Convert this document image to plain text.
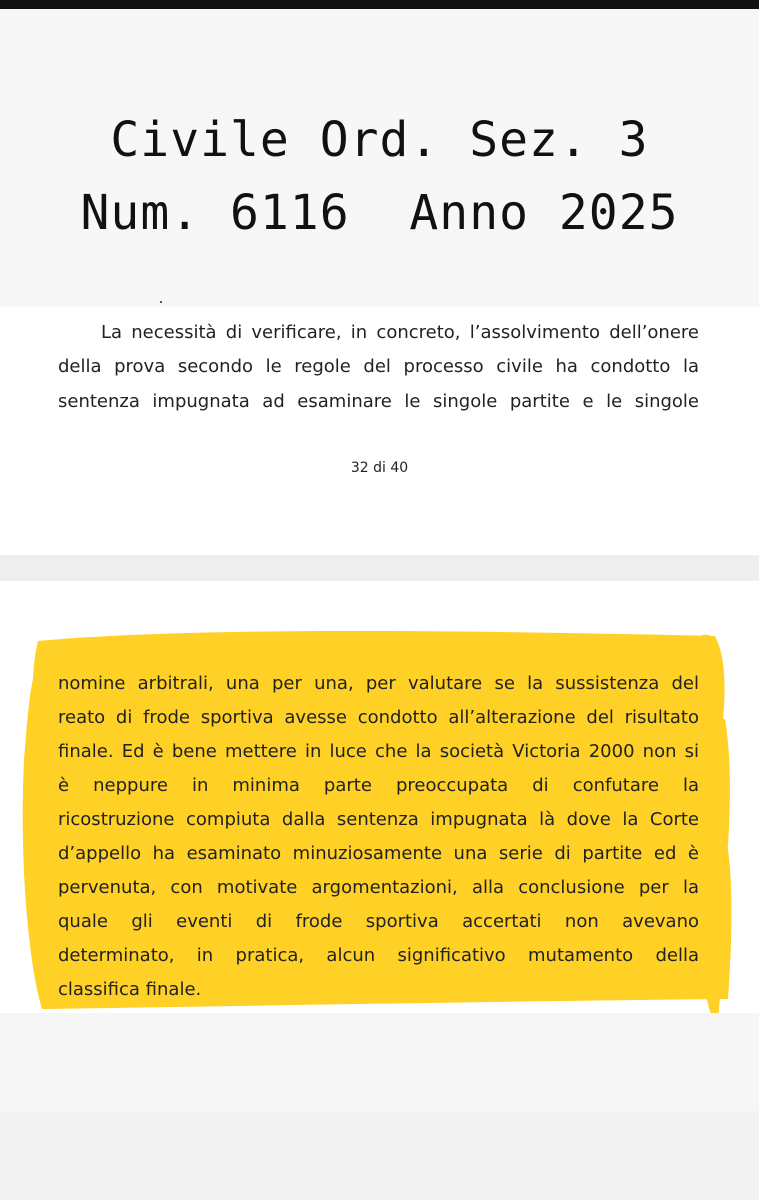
Civile Ord. Sez. 3
Num. 6116  Anno 2025
La necessità di verificare, in concreto, l’assolvimento dell’onere
della prova secondo le regole del processo civile ha condotto la
sentenza impugnata ad esaminare le singole partite e le singole
32 di 40
nomine arbitrali, una per una, per valutare se la sussistenza del
reato di frode sportiva avesse condotto all’alterazione del risultato
finale. Ed è bene mettere in luce che la società Victoria 2000 non si
è neppure in minima parte preoccupata di confutare la
ricostruzione compiuta dalla sentenza impugnata là dove la Corte
d’appello ha esaminato minuziosamente una serie di partite ed è
pervenuta, con motivate argomentazioni, alla conclusione per la
quale gli eventi di frode sportiva accertati non avevano
determinato, in pratica, alcun significativo mutamento della
classifica finale.
